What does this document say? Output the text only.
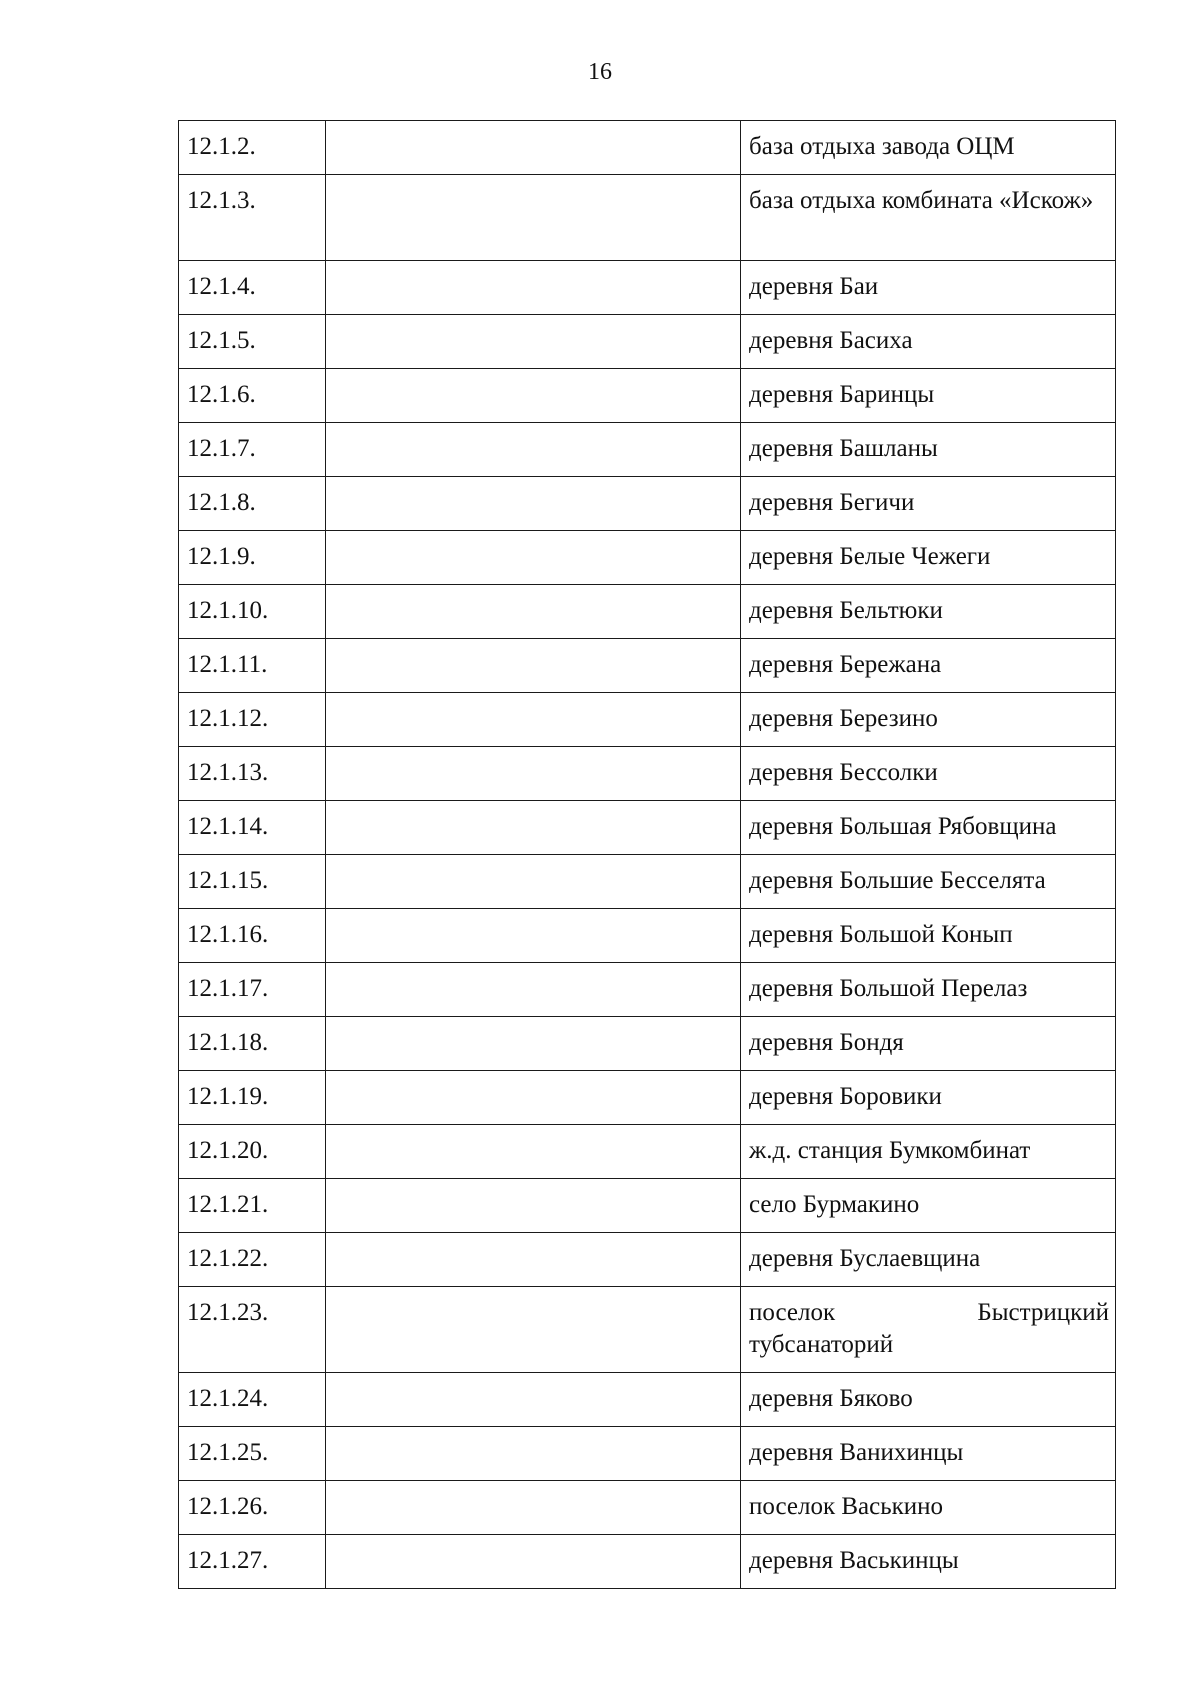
16
12.1.2.		база отдыха завода ОЦМ
12.1.3.		база отдыха комбината «Искож»
12.1.4.		деревня Баи
12.1.5.		деревня Басиха
12.1.6.		деревня Баринцы
12.1.7.		деревня Башланы
12.1.8.		деревня Бегичи
12.1.9.		деревня Белые Чежеги
12.1.10.		деревня Бельтюки
12.1.11.		деревня Бережана
12.1.12.		деревня Березино
12.1.13.		деревня Бессолки
12.1.14.		деревня Большая Рябовщина
12.1.15.		деревня Большие Бесселята
12.1.16.		деревня Большой Конып
12.1.17.		деревня Большой Перелаз
12.1.18.		деревня Бондя
12.1.19.		деревня Боровики
12.1.20.		ж.д. станция Бумкомбинат
12.1.21.		село Бурмакино
12.1.22.		деревня Буслаевщина
12.1.23.		поселок Быстрицкий тубсанаторий
12.1.24.		деревня Бяково
12.1.25.		деревня Ванихинцы
12.1.26.		поселок Васькино
12.1.27.		деревня Васькинцы
